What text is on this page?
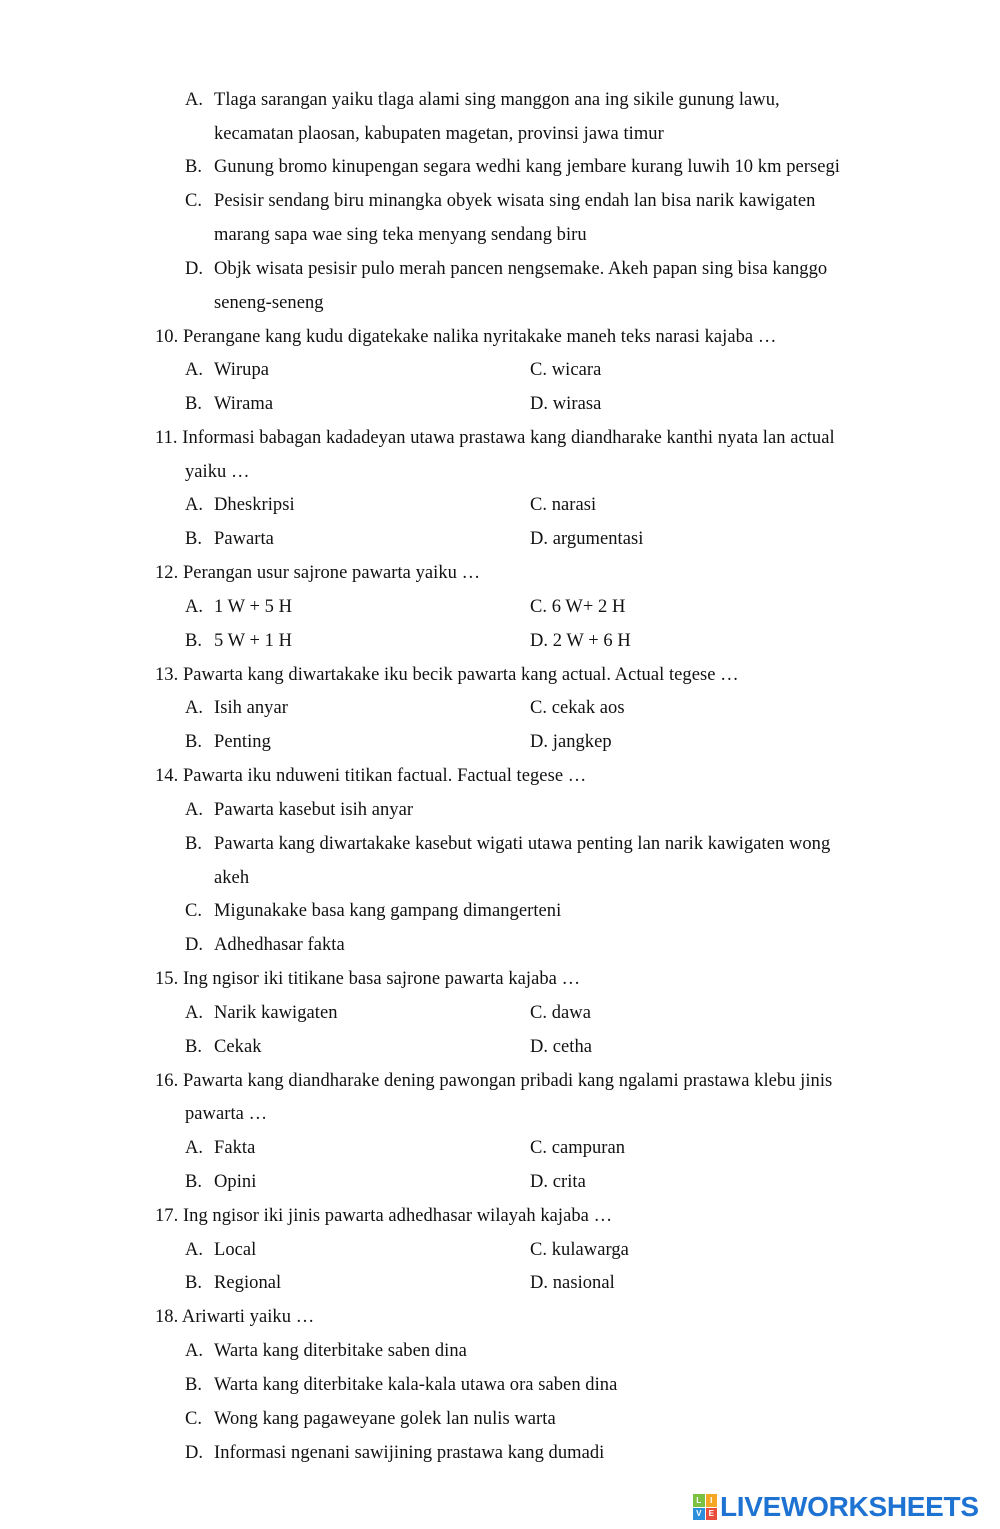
A. Tlaga sarangan yaiku tlaga alami sing manggon ana ing sikile gunung lawu,
kecamatan plaosan, kabupaten magetan, provinsi jawa timur
B. Gunung bromo kinupengan segara wedhi kang jembare kurang luwih 10 km persegi
C. Pesisir sendang biru minangka obyek wisata sing endah lan bisa narik kawigaten
marang sapa wae sing teka menyang sendang biru
D. Objk wisata pesisir pulo merah pancen nengsemake. Akeh papan sing bisa kanggo
seneng-seneng
10. Perangane kang kudu digatekake nalika nyritakake maneh teks narasi kajaba …
A. Wirupa	C. wicara
B. Wirama	D. wirasa
11. Informasi babagan kadadeyan utawa prastawa kang diandharake kanthi nyata lan actual
yaiku …
A. Dheskripsi	C. narasi
B. Pawarta	D. argumentasi
12. Perangan usur sajrone pawarta yaiku …
A. 1 W + 5 H	C. 6 W+ 2 H
B. 5 W + 1 H	D. 2 W + 6 H
13. Pawarta kang diwartakake iku becik pawarta kang actual. Actual tegese …
A. Isih anyar	C. cekak aos
B. Penting	D. jangkep
14. Pawarta iku nduweni titikan factual. Factual tegese …
A. Pawarta kasebut isih anyar
B. Pawarta kang diwartakake kasebut wigati utawa penting lan narik kawigaten wong
akeh
C. Migunakake basa kang gampang dimangerteni
D. Adhedhasar fakta
15. Ing ngisor iki titikane basa sajrone pawarta kajaba …
A. Narik kawigaten	C. dawa
B. Cekak	D. cetha
16. Pawarta kang diandharake dening pawongan pribadi kang ngalami prastawa klebu jinis
pawarta …
A. Fakta	C. campuran
B. Opini	D. crita
17. Ing ngisor iki jinis pawarta adhedhasar wilayah kajaba …
A. Local	C. kulawarga
B. Regional	D. nasional
18. Ariwarti yaiku …
A. Warta kang diterbitake saben dina
B. Warta kang diterbitake kala-kala utawa ora saben dina
C. Wong kang pagaweyane golek lan nulis warta
D. Informasi ngenani sawijining prastawa kang dumadi
L	I
V E LIVEWORKSHEETS
